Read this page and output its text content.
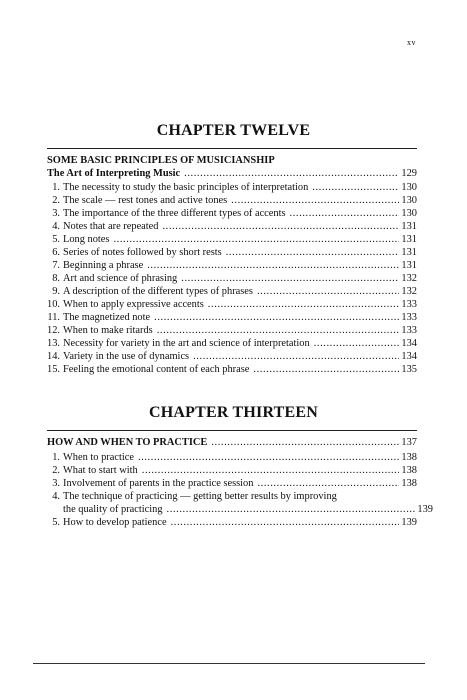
xv
CHAPTER TWELVE
SOME BASIC PRINCIPLES OF MUSICIANSHIP
The Art of Interpreting Music . . .	129
1. The necessity to study the basic principles of interpretation . . .	130
2. The scale — rest tones and active tones . . .	130
3. The importance of the three different types of accents . . .	130
4. Notes that are repeated . . .	131
5. Long notes . . .	131
6. Series of notes followed by short rests . . .	131
7. Beginning a phrase . . .	131
8. Art and science of phrasing . . .	132
9. A description of the different types of phrases . . .	132
10. When to apply expressive accents . . .	133
11. The magnetized note . . .	133
12. When to make ritards . . .	133
13. Necessity for variety in the art and science of interpretation . . .	134
14. Variety in the use of dynamics . . .	134
15. Feeling the emotional content of each phrase . . .	135
CHAPTER THIRTEEN
HOW AND WHEN TO PRACTICE . . .	137
1. When to practice . . .	138
2. What to start with . . .	138
3. Involvement of parents in the practice session . . .	138
4. The technique of practicing — getting better results by improving
the quality of practicing . . .	139
5. How to develop patience . . .	139
